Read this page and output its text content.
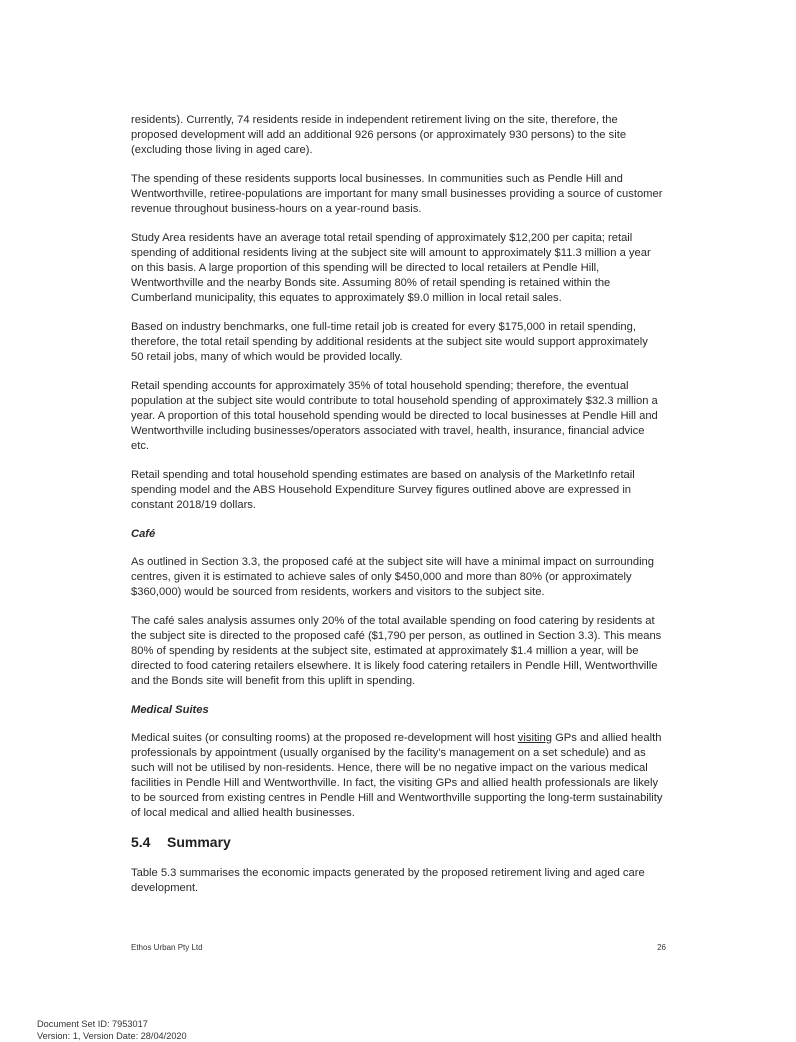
residents). Currently, 74 residents reside in independent retirement living on the site, therefore, the proposed development will add an additional 926 persons (or approximately 930 persons) to the site (excluding those living in aged care).

The spending of these residents supports local businesses. In communities such as Pendle Hill and Wentworthville, retiree-populations are important for many small businesses providing a source of customer revenue throughout business-hours on a year-round basis.

Study Area residents have an average total retail spending of approximately $12,200 per capita; retail spending of additional residents living at the subject site will amount to approximately $11.3 million a year on this basis. A large proportion of this spending will be directed to local retailers at Pendle Hill, Wentworthville and the nearby Bonds site. Assuming 80% of retail spending is retained within the Cumberland municipality, this equates to approximately $9.0 million in local retail sales.

Based on industry benchmarks, one full-time retail job is created for every $175,000 in retail spending, therefore, the total retail spending by additional residents at the subject site would support approximately 50 retail jobs, many of which would be provided locally.

Retail spending accounts for approximately 35% of total household spending; therefore, the eventual population at the subject site would contribute to total household spending of approximately $32.3 million a year. A proportion of this total household spending would be directed to local businesses at Pendle Hill and Wentworthville including businesses/operators associated with travel, health, insurance, financial advice etc.

Retail spending and total household spending estimates are based on analysis of the MarketInfo retail spending model and the ABS Household Expenditure Survey figures outlined above are expressed in constant 2018/19 dollars.

Café

As outlined in Section 3.3, the proposed café at the subject site will have a minimal impact on surrounding centres, given it is estimated to achieve sales of only $450,000 and more than 80% (or approximately $360,000) would be sourced from residents, workers and visitors to the subject site.

The café sales analysis assumes only 20% of the total available spending on food catering by residents at the subject site is directed to the proposed café ($1,790 per person, as outlined in Section 3.3). This means 80% of spending by residents at the subject site, estimated at approximately $1.4 million a year, will be directed to food catering retailers elsewhere. It is likely food catering retailers in Pendle Hill, Wentworthville and the Bonds site will benefit from this uplift in spending.

Medical Suites

Medical suites (or consulting rooms) at the proposed re-development will host visiting GPs and allied health professionals by appointment (usually organised by the facility’s management on a set schedule) and as such will not be utilised by non-residents. Hence, there will be no negative impact on the various medical facilities in Pendle Hill and Wentworthville. In fact, the visiting GPs and allied health professionals are likely to be sourced from existing centres in Pendle Hill and Wentworthville supporting the long-term sustainability of local medical and allied health businesses.

5.4	Summary

Table 5.3 summarises the economic impacts generated by the proposed retirement living and aged care development.

Ethos Urban Pty Ltd	26
Document Set ID: 7953017
Version: 1, Version Date: 28/04/2020
